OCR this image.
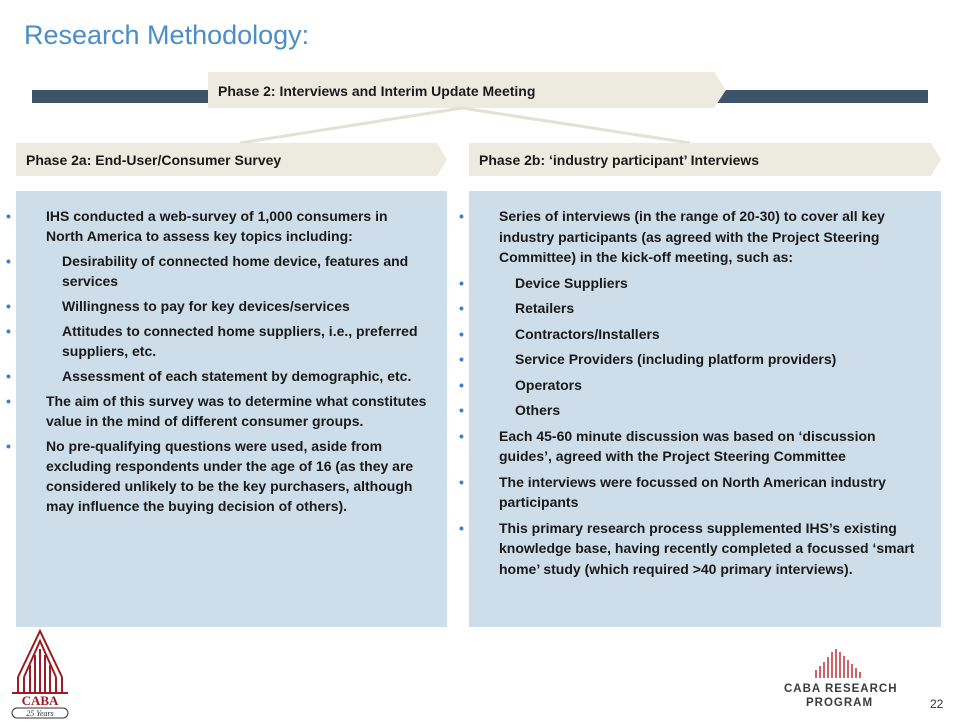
Research Methodology:
Phase 2: Interviews and Interim Update Meeting
Phase 2a: End-User/Consumer Survey	Phase 2b: ‘industry participant’ Interviews
• IHS conducted a web-survey of 1,000 consumers in North America to assess key topics including:
• Desirability of connected home device, features and services
• Willingness to pay for key devices/services
• Attitudes to connected home suppliers, i.e., preferred suppliers, etc.
• Assessment of each statement by demographic, etc.
• The aim of this survey was to determine what constitutes value in the mind of different consumer groups.
• No pre-qualifying questions were used, aside from excluding respondents under the age of 16 (as they are considered unlikely to be the key purchasers, although may influence the buying decision of others).
• Series of interviews (in the range of 20-30) to cover all key industry participants (as agreed with the Project Steering Committee) in the kick-off meeting, such as:
• Device Suppliers
• Retailers
• Contractors/Installers
• Service Providers (including platform providers)
• Operators
• Others
• Each 45-60 minute discussion was based on ‘discussion guides’, agreed with the Project Steering Committee
• The interviews were focussed on North American industry participants
• This primary research process supplemented IHS’s existing knowledge base, having recently completed a focussed ‘smart home’ study (which required >40 primary interviews).
CABA
25 Years
CABA RESEARCH
PROGRAM	22
